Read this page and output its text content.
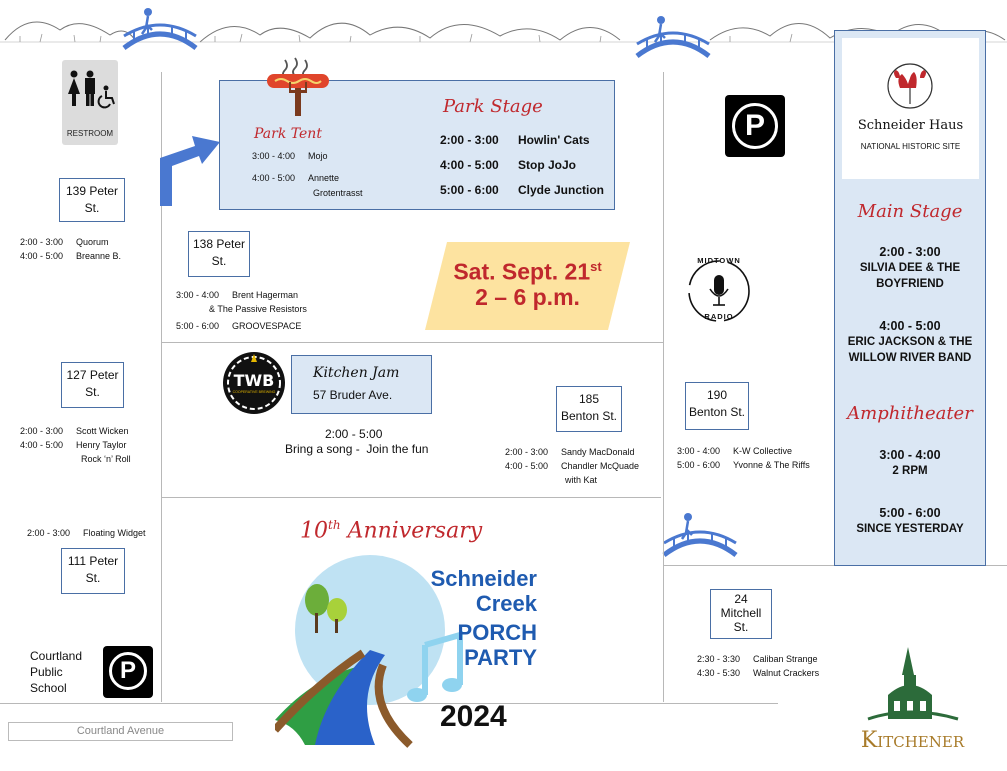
RESTROOM
Park Stage
2:00 - 3:00 Howlin' Cats
4:00 - 5:00 Stop JoJo
5:00 - 6:00 Clyde Junction
Park Tent
3:00 - 4:00 Mojo
4:00 - 5:00 Annette
Grotentrasst
Sat. Sept. 21st
2 – 6 p.m.
139 Peter
St.
2:00 - 3:00 Quorum
4:00 - 5:00 Breanne B.
138 Peter
St.
3:00 - 4:00 Brent Hagerman
& The Passive Resistors
5:00 - 6:00 GROOVESPACE
127 Peter
St.
2:00 - 3:00 Scott Wicken
4:00 - 5:00 Henry Taylor
Rock ‘n’ Roll
2:00 - 3:00 Floating Widget
111 Peter
St.
TWB
COOPERATIVE BREWING
Kitchen Jam
57 Bruder Ave.
2:00 - 5:00
Bring a song -  Join the fun
185
Benton St.
2:00 - 3:00 Sandy MacDonald
4:00 - 5:00 Chandler McQuade
with Kat
190
Benton St.
3:00 - 4:00 K-W Collective
5:00 - 6:00 Yvonne & The Riffs
P
P
MIDTOWN
RADIO
Schneider Haus
NATIONAL HISTORIC SITE
Main Stage
2:00 - 3:00
SILVIA DEE & THE
BOYFRIEND
4:00 - 5:00
ERIC JACKSON & THE
WILLOW RIVER BAND
Amphitheater
3:00 - 4:00
2 RPM
5:00 - 6:00
SINCE YESTERDAY
24
Mitchell
St.
2:30 - 3:30 Caliban Strange
4:30 - 5:30 Walnut Crackers
10th Anniversary
Schneider
Creek
PORCH
PARTY
2024
Courtland
Public
School
Courtland Avenue	Kitchener
